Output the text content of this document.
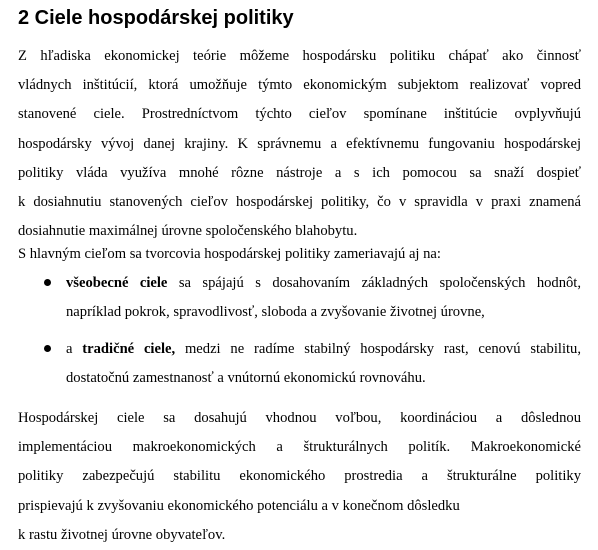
2 Ciele hospodárskej politiky

Z hľadiska ekonomickej teórie môžeme hospodársku politiku chápať ako činnosť
vládnych inštitúcií, ktorá umožňuje týmto ekonomickým subjektom realizovať vopred
stanovené ciele. Prostredníctvom týchto cieľov spomínane inštitúcie ovplyvňujú
hospodársky vývoj danej krajiny. K správnemu a efektívnemu fungovaniu hospodárskej
politiky vláda využíva mnohé rôzne nástroje a s ich pomocou sa snaží dospieť
k dosiahnutiu stanovených cieľov hospodárskej politiky, čo v spravidla v praxi znamená
dosiahnutie maximálnej úrovne spoločenského blahobytu.

S hlavným cieľom sa tvorcovia hospodárskej politiky zameriavajú aj na:

všeobecné ciele sa spájajú s dosahovaním základných spoločenských hodnôt,
napríklad pokrok, spravodlivosť, sloboda a zvyšovanie životnej úrovne,
a tradičné ciele, medzi ne radíme stabilný hospodársky rast, cenovú stabilitu,
dostatočnú zamestnanosť a vnútornú ekonomickú rovnováhu.

Hospodárskej ciele sa dosahujú vhodnou voľbou, koordináciou a dôslednou
implementáciou makroekonomických a štrukturálnych politík. Makroekonomické
politiky zabezpečujú stabilitu ekonomického prostredia a štrukturálne politiky
prispievajú k zvyšovaniu ekonomického potenciálu a v konečnom dôsledku
k rastu životnej úrovne obyvateľov.
